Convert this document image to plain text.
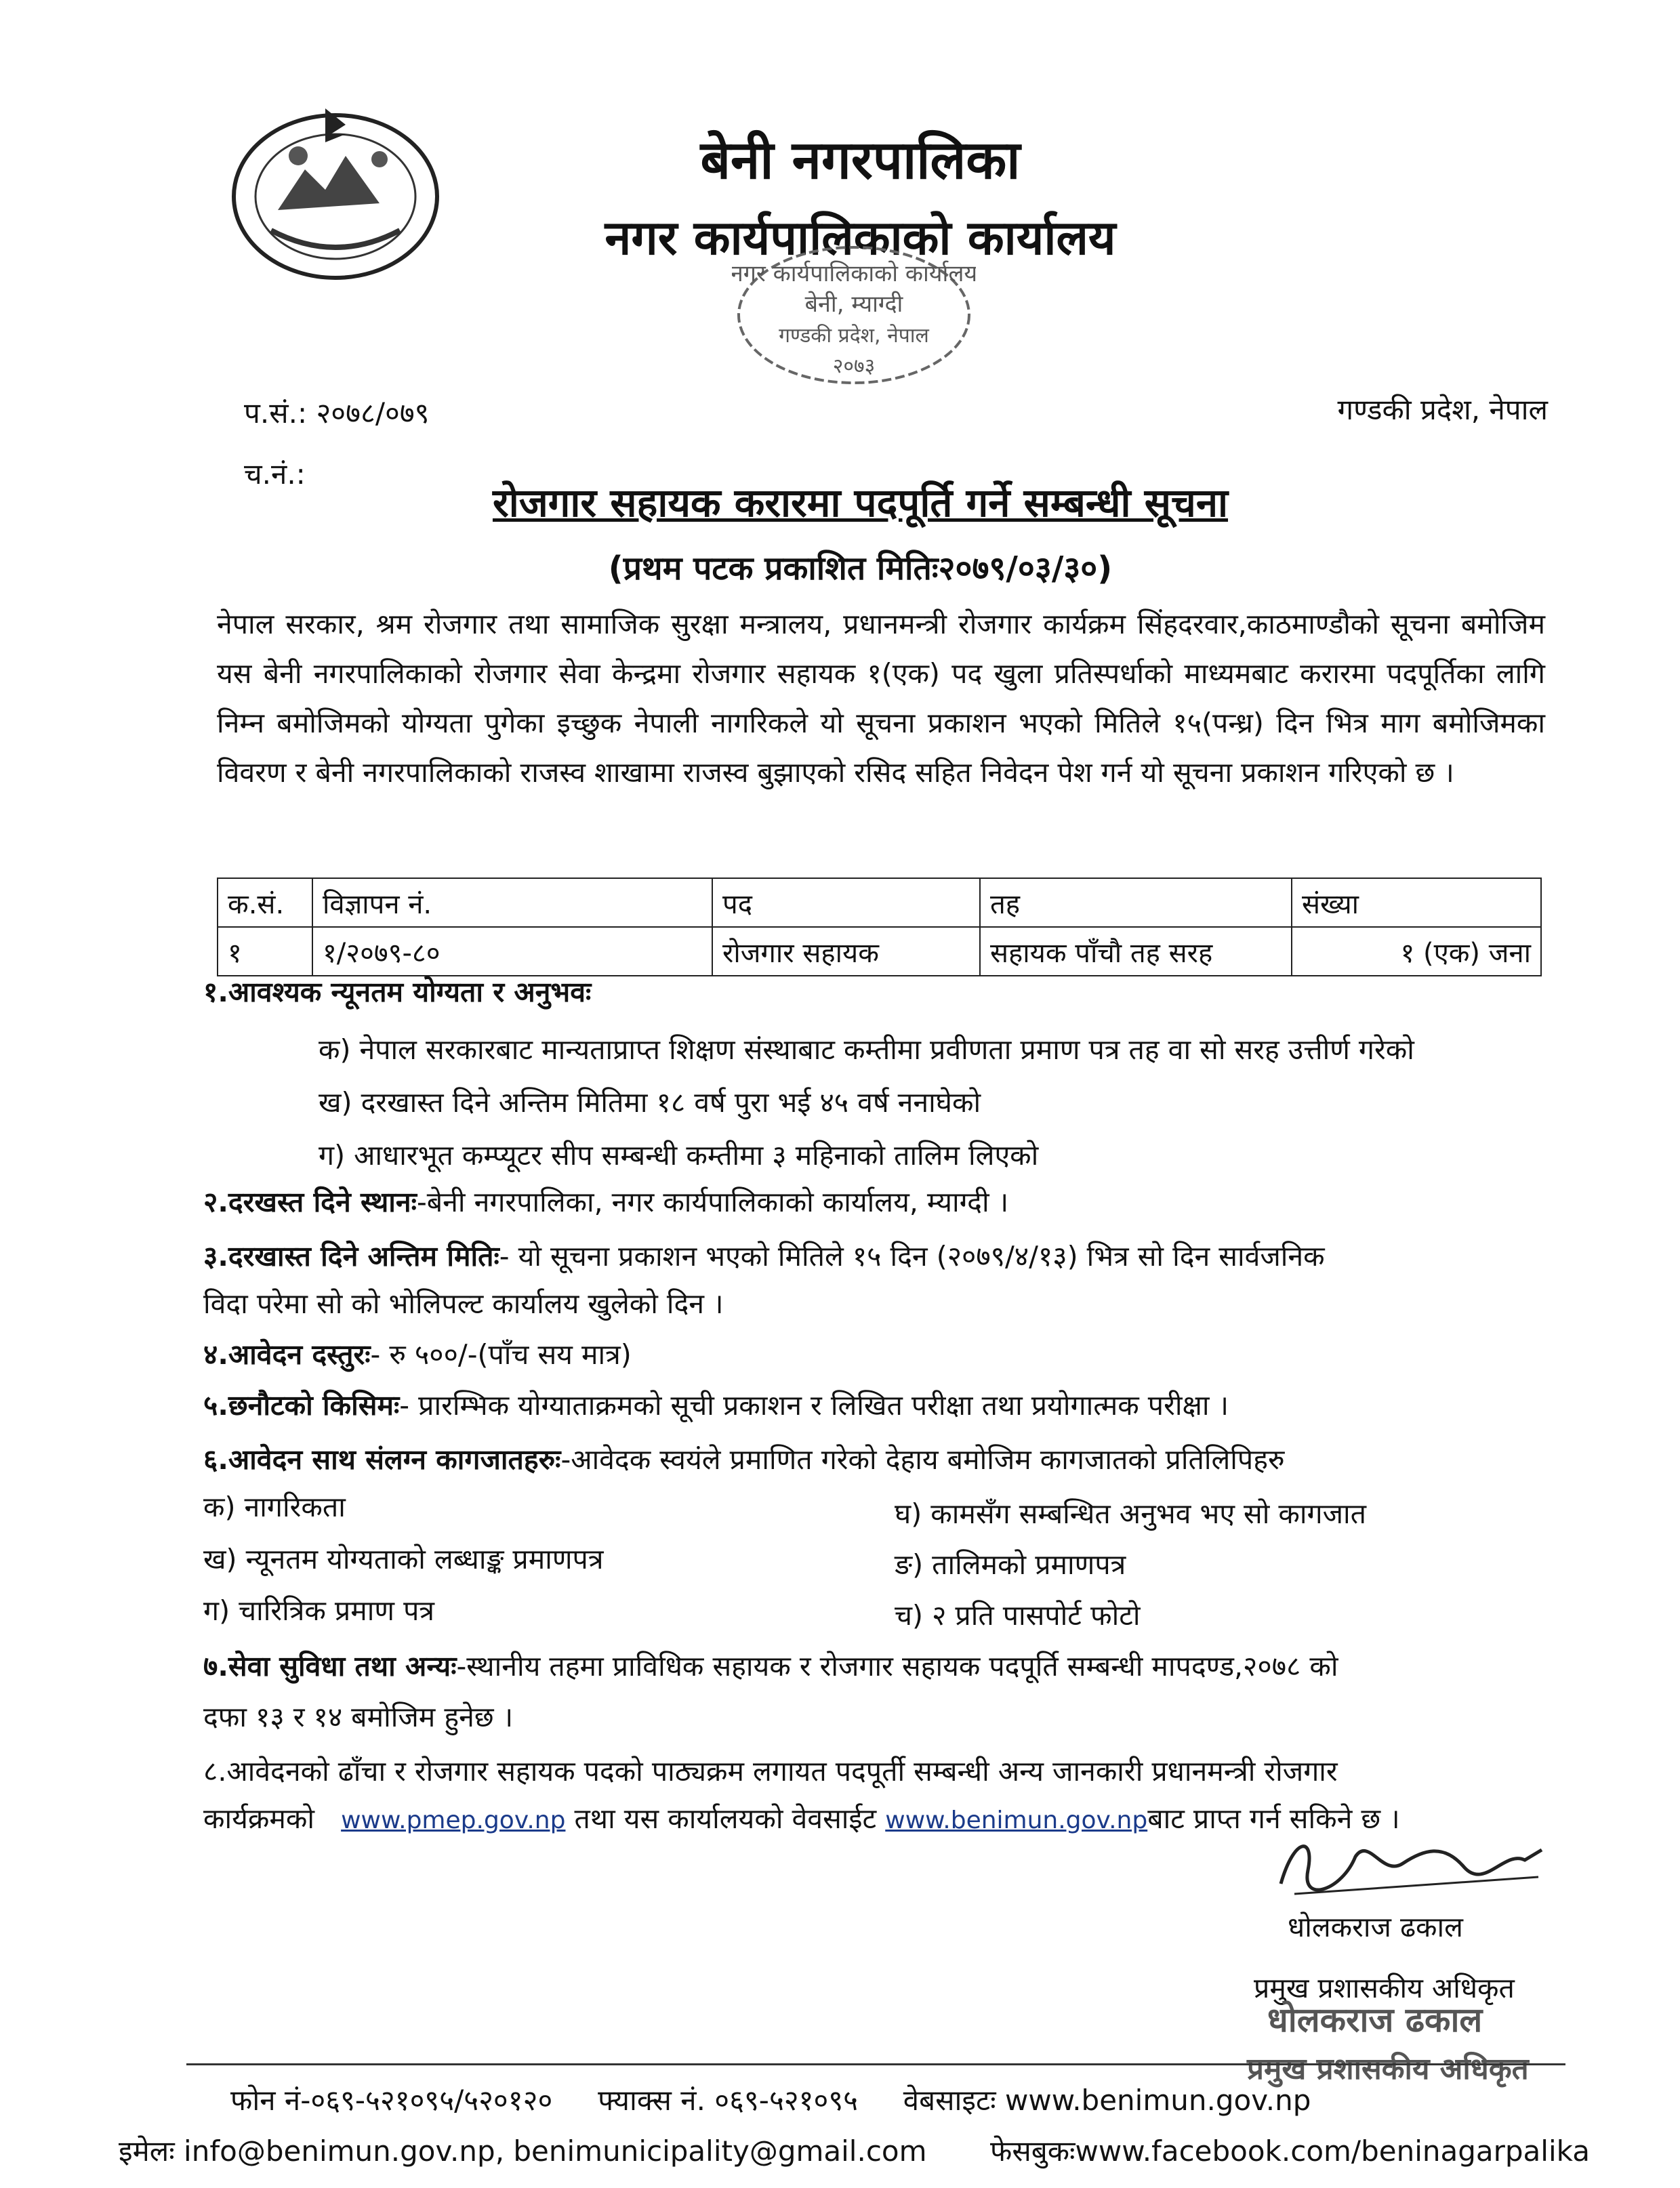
बेनी नगरपालिका
नगर कार्यपालिकाको कार्यालय
नगर कार्यपालिकाको कार्यालय
बेनी, म्याग्दी
गण्डकी प्रदेश, नेपाल
२०७३
प.सं.: २०७८/०७९
च.नं.:
गण्डकी प्रदेश, नेपाल
रोजगार सहायक करारमा पदपूर्ति गर्ने सम्बन्धी सूचना
(प्रथम पटक प्रकाशित मितिः२०७९/०३/३०)
नेपाल सरकार, श्रम रोजगार तथा सामाजिक सुरक्षा मन्त्रालय, प्रधानमन्त्री रोजगार कार्यक्रम सिंहदरवार,काठमाण्डौको सूचना बमोजिम यस बेनी नगरपालिकाको रोजगार सेवा केन्द्रमा रोजगार सहायक १(एक) पद खुला प्रतिस्पर्धाको माध्यमबाट करारमा पदपूर्तिका लागि निम्न बमोजिमको योग्यता पुगेका इच्छुक नेपाली नागरिकले यो सूचना प्रकाशन भएको मितिले १५(पन्ध्र) दिन भित्र माग बमोजिमका विवरण र बेनी नगरपालिकाको राजस्व शाखामा राजस्व बुझाएको रसिद सहित निवेदन पेश गर्न यो सूचना प्रकाशन गरिएको छ ।
क.सं.	विज्ञापन नं.	पद	तह	संख्या
१	१/२०७९-८०	रोजगार सहायक	सहायक पाँचौ तह सरह	१ (एक) जना
१.आवश्यक न्यूनतम योग्यता र अनुभवः
क) नेपाल सरकारबाट मान्यताप्राप्त शिक्षण संस्थाबाट कम्तीमा प्रवीणता प्रमाण पत्र तह वा सो सरह उत्तीर्ण गरेको
ख) दरखास्त दिने अन्तिम मितिमा १८ वर्ष पुरा भई ४५ वर्ष ननाघेको
ग) आधारभूत कम्प्यूटर सीप सम्बन्धी कम्तीमा ३ महिनाको तालिम लिएको
२.दरखस्त दिने स्थानः-बेनी नगरपालिका, नगर कार्यपालिकाको कार्यालय, म्याग्दी ।
३.दरखास्त दिने अन्तिम मितिः- यो सूचना प्रकाशन भएको मितिले १५ दिन (२०७९/४/१३) भित्र सो दिन सार्वजनिक
विदा परेमा सो को भोलिपल्ट कार्यालय खुलेको दिन ।
४.आवेदन दस्तुरः- रु ५००/-(पाँच सय मात्र)
५.छनौटको किसिमः- प्रारम्भिक योग्याताक्रमको सूची प्रकाशन र लिखित परीक्षा तथा प्रयोगात्मक परीक्षा ।
६.आवेदन साथ संलग्न कागजातहरुः-आवेदक स्वयंले प्रमाणित गरेको देहाय बमोजिम कागजातको प्रतिलिपिहरु
क) नागरिकता
ख) न्यूनतम योग्यताको लब्धाङ्क प्रमाणपत्र
ग) चारित्रिक प्रमाण पत्र
घ) कामसँग सम्बन्धित अनुभव भए सो कागजात
ङ) तालिमको प्रमाणपत्र
च) २ प्रति पासपोर्ट फोटो
७.सेवा सुविधा तथा अन्यः-स्थानीय तहमा प्राविधिक सहायक र रोजगार सहायक पदपूर्ति सम्बन्धी मापदण्ड,२०७८ को
दफा १३ र १४ बमोजिम हुनेछ ।
८.आवेदनको ढाँचा र रोजगार सहायक पदको पाठ्यक्रम लगायत पदपूर्ती सम्बन्धी अन्य जानकारी प्रधानमन्त्री रोजगार
कार्यक्रमको www.pmep.gov.np तथा यस कार्यालयको वेवसाईट www.benimun.gov.npबाट प्राप्त गर्न सकिने छ ।
धोलकराज ढकाल
प्रमुख प्रशासकीय अधिकृत
धोलकराज ढकाल
प्रमुख प्रशासकीय अधिकृत
फोन नं-०६९-५२१०९५/५२०१२० फ्याक्स नं. ०६९-५२१०९५ वेबसाइटः www.benimun.gov.np
इमेलः info@benimun.gov.np, benimunicipality@gmail.com फेसबुकःwww.facebook.com/beninagarpalika
